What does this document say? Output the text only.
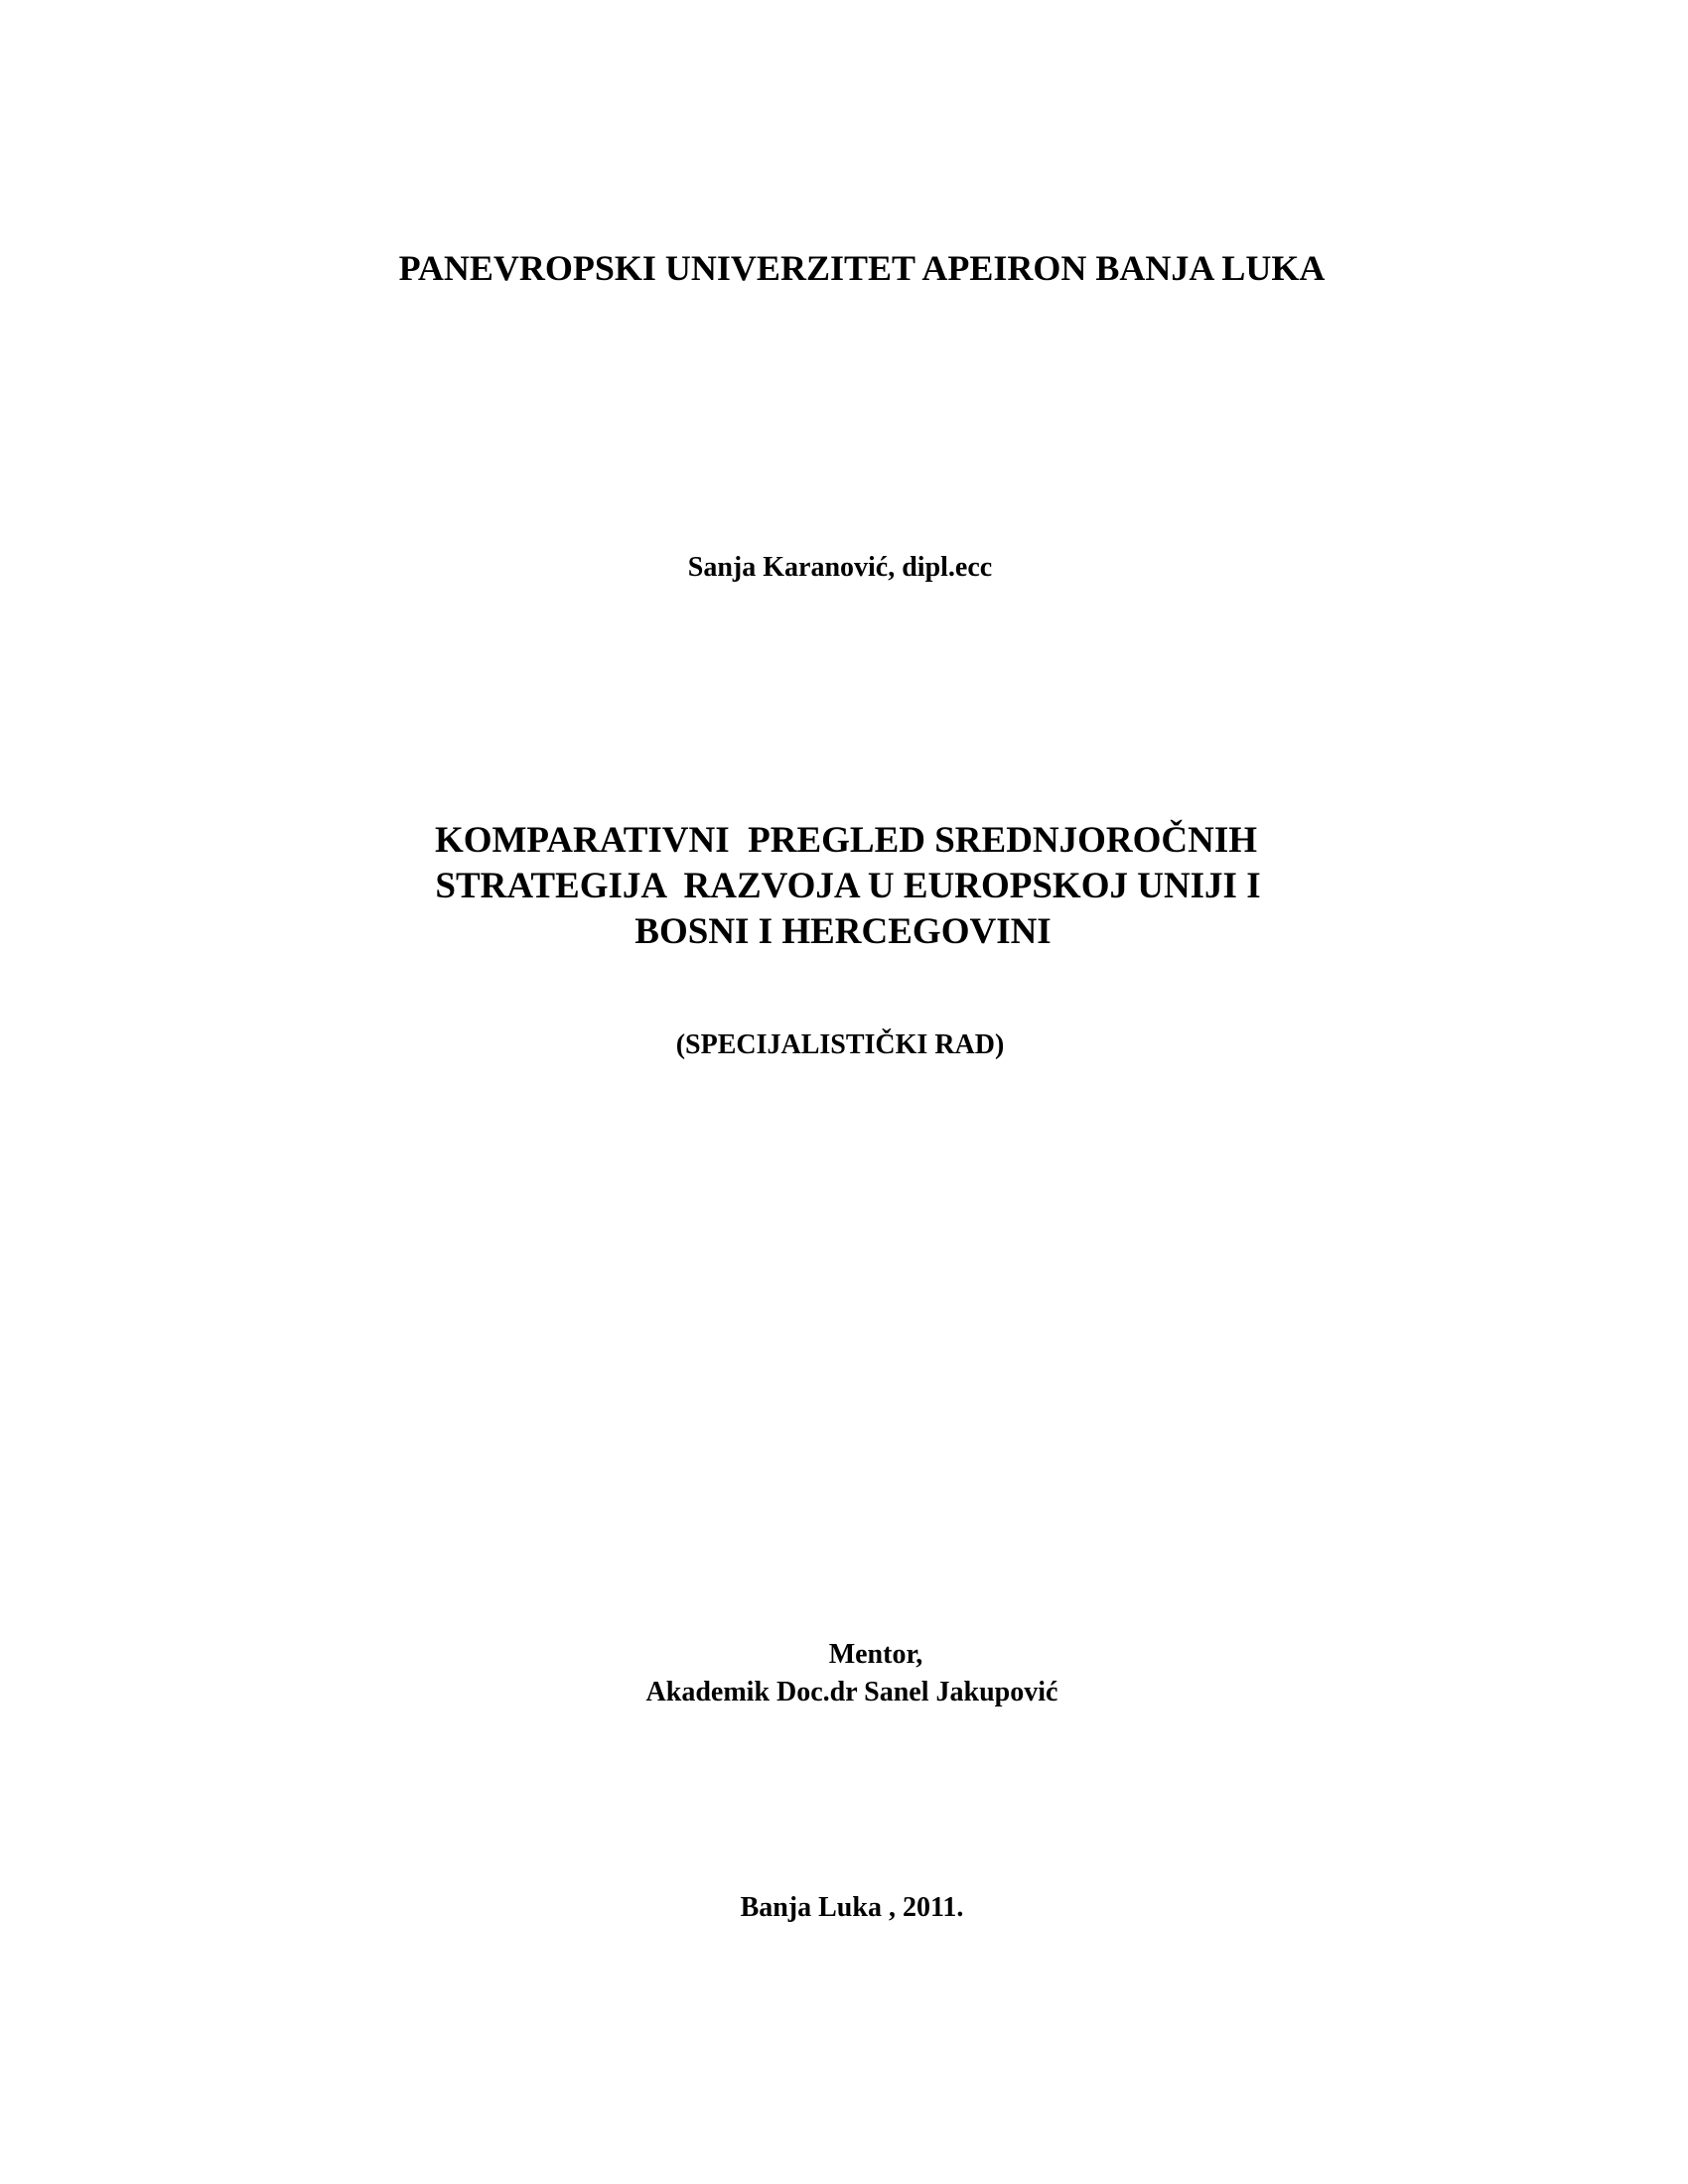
PANEVROPSKI UNIVERZITET APEIRON BANJA LUKA
Sanja Karanović, dipl.ecc
KOMPARATIVNI  PREGLED SREDNJOROČNIH
STRATEGIJA  RAZVOJA U EUROPSKOJ UNIJI I
BOSNI I HERCEGOVINI
(SPECIJALISTIČKI RAD)
Mentor,
Akademik Doc.dr Sanel Jakupović
Banja Luka , 2011.
